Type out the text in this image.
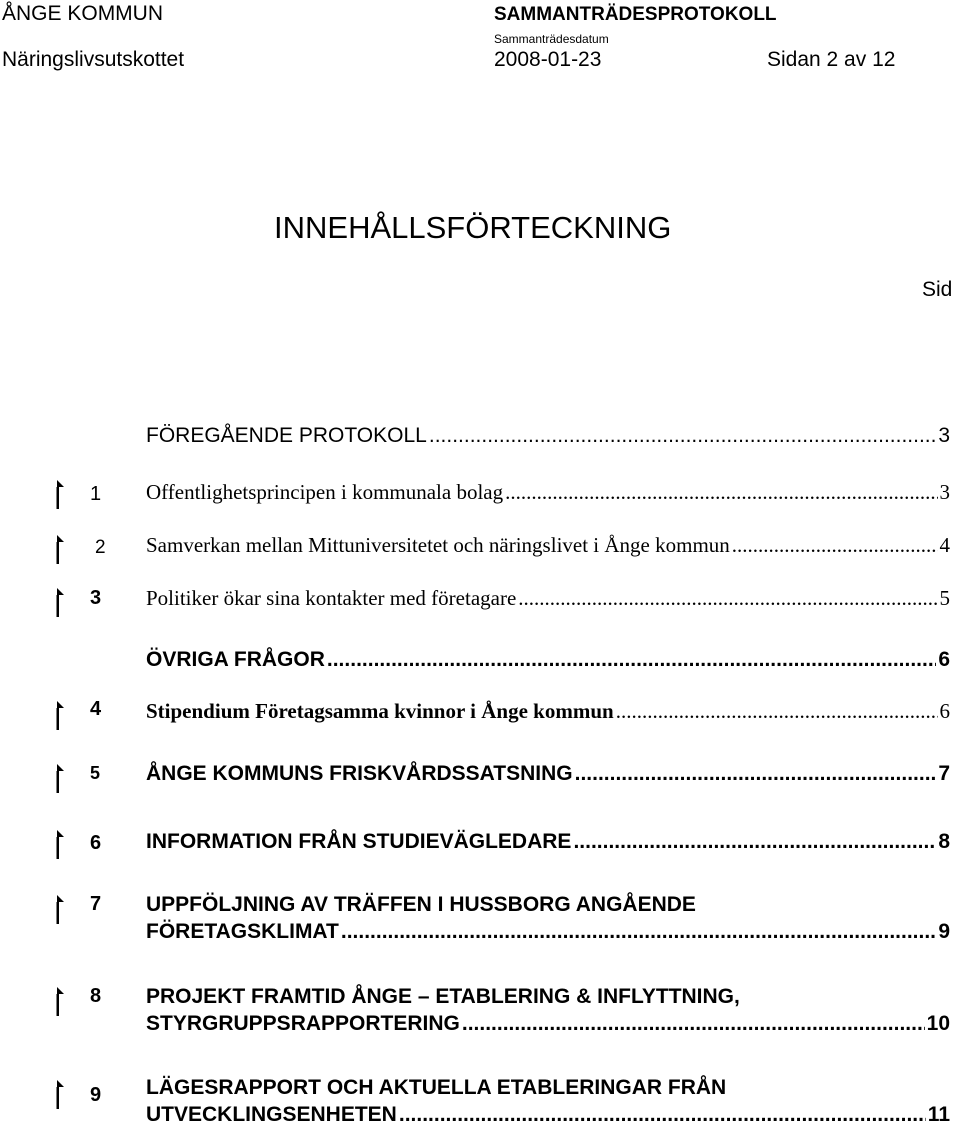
ÅNGE KOMMUN	SAMMANTRÄDESPROTOKOLL
Sammanträdesdatum
Näringslivsutskottet	2008-01-23	Sidan 2 av 12
INNEHÅLLSFÖRTECKNING
Sid
FÖREGÅENDE PROTOKOLL .....	3
1 Offentlighetsprincipen i kommunala bolag .....	3
2 Samverkan mellan Mittuniversitetet och näringslivet i Ånge kommun .....	4
3 Politiker ökar sina kontakter med företagare .....	5
ÖVRIGA FRÅGOR .....	6
4 Stipendium Företagsamma kvinnor i Ånge kommun .....	6
5 ÅNGE KOMMUNS FRISKVÅRDSSATSNING .....	7
6 INFORMATION FRÅN STUDIEVÄGLEDARE .....	8
7 UPPFÖLJNING AV TRÄFFEN I HUSSBORG ANGÅENDE
FÖRETAGSKLIMAT .....	9
8 PROJEKT FRAMTID ÅNGE – ETABLERING & INFLYTTNING,
STYRGRUPPSRAPPORTERING .....	10
9 LÄGESRAPPORT OCH AKTUELLA ETABLERINGAR FRÅN
UTVECKLINGSENHETEN .....	11
